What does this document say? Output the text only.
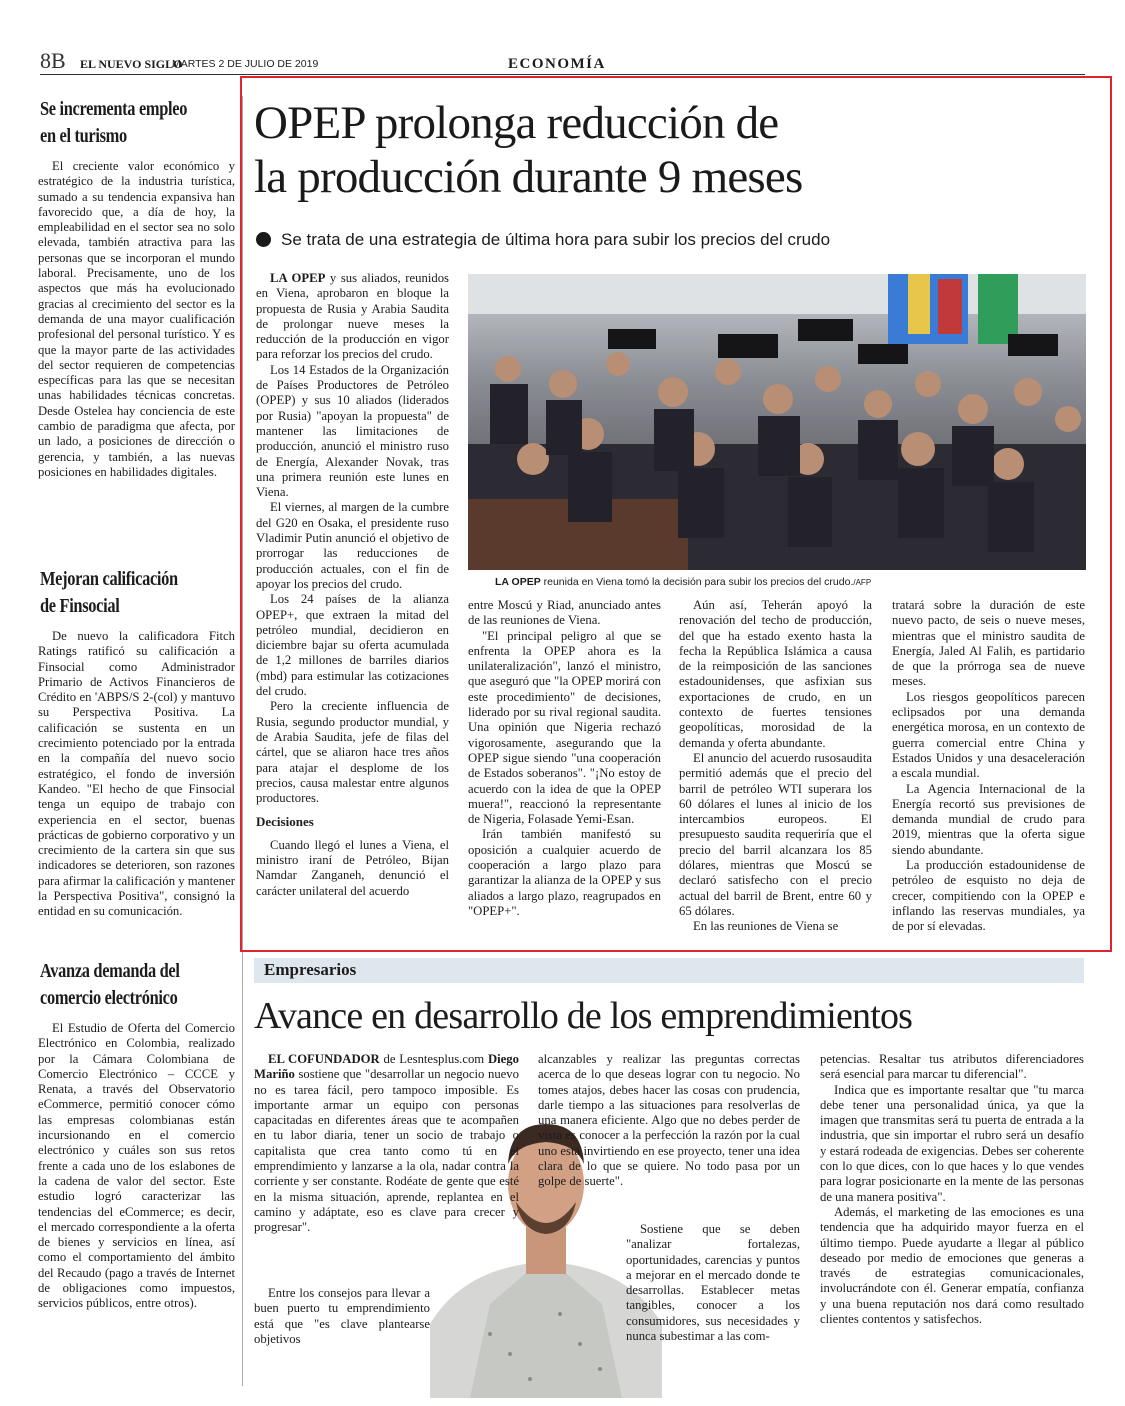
8B EL NUEVO SIGLO
MARTES 2 DE JULIO DE 2019	ECONOMÍA
Se incrementa empleo
en el turismo

El creciente valor económico y estratégico de la industria turística, sumado a su tendencia expansiva han favorecido que, a día de hoy, la empleabilidad en el sector sea no solo elevada, también atractiva para las personas que se incorporan el mundo laboral. Precisamente, uno de los aspectos que más ha evolucionado gracias al crecimiento del sector es la demanda de una mayor cualificación profesional del personal turístico. Y es que la mayor parte de las actividades del sector requieren de competencias específicas para las que se necesitan unas habilidades técnicas concretas. Desde Ostelea hay conciencia de este cambio de paradigma que afecta, por un lado, a posiciones de dirección o gerencia, y también, a las nuevas posiciones en habilidades digitales.

Mejoran calificación
de Finsocial

De nuevo la calificadora Fitch Ratings ratificó su calificación a Finsocial como Administrador Primario de Activos Financieros de Crédito en 'ABPS/S 2-(col) y mantuvo su Perspectiva Positiva. La calificación se sustenta en un crecimiento potenciado por la entrada en la compañía del nuevo socio estratégico, el fondo de inversión Kandeo. "El hecho de que Finsocial tenga un equipo de trabajo con experiencia en el sector, buenas prácticas de gobierno corporativo y un crecimiento de la cartera sin que sus indicadores se deterioren, son razones para afirmar la calificación y mantener la Perspectiva Positiva", consignó la entidad en su comunicación.

Avanza demanda del
comercio electrónico

El Estudio de Oferta del Comercio Electrónico en Colombia, realizado por la Cámara Colombiana de Comercio Electrónico – CCCE y Renata, a través del Observatorio eCommerce, permitió conocer cómo las empresas colombianas están incursionando en el comercio electrónico y cuáles son sus retos frente a cada uno de los eslabones de la cadena de valor del sector. Este estudio logró caracterizar las tendencias del eCommerce; es decir, el mercado correspondiente a la oferta de bienes y servicios en línea, así como el comportamiento del ámbito del Recaudo (pago a través de Internet de obligaciones como impuestos, servicios públicos, entre otros).

OPEP prolonga reducción de
la producción durante 9 meses
Se trata de una estrategia de última hora para subir los precios del crudo
LA OPEP reunida en Viena tomó la decisión para subir los precios del crudo./AFP

LA OPEP y sus aliados, reunidos en Viena, aprobaron en bloque la propuesta de Rusia y Arabia Saudita de prolongar nueve meses la reducción de la producción en vigor para reforzar los precios del crudo.

Los 14 Estados de la Organización de Países Productores de Petróleo (OPEP) y sus 10 aliados (liderados por Rusia) "apoyan la propuesta" de mantener las limitaciones de producción, anunció el ministro ruso de Energía, Alexander Novak, tras una primera reunión este lunes en Viena.

El viernes, al margen de la cumbre del G20 en Osaka, el presidente ruso Vladimir Putin anunció el objetivo de prorrogar las reducciones de producción actuales, con el fin de apoyar los precios del crudo.

Los 24 países de la alianza OPEP+, que extraen la mitad del petróleo mundial, decidieron en diciembre bajar su oferta acumulada de 1,2 millones de barriles diarios (mbd) para estimular las cotizaciones del crudo.

Pero la creciente influencia de Rusia, segundo productor mundial, y de Arabia Saudita, jefe de filas del cártel, que se aliaron hace tres años para atajar el desplome de los precios, causa malestar entre algunos productores.

Decisiones

Cuando llegó el lunes a Viena, el ministro iraní de Petróleo, Bijan Namdar Zanganeh, denunció el carácter unilateral del acuerdo

entre Moscú y Riad, anunciado antes de las reuniones de Viena.

"El principal peligro al que se enfrenta la OPEP ahora es la unilateralización", lanzó el ministro, que aseguró que "la OPEP morirá con este procedimiento" de decisiones, liderado por su rival regional saudita. Una opinión que Nigeria rechazó vigorosamente, asegurando que la OPEP sigue siendo "una cooperación de Estados soberanos". "¡No estoy de acuerdo con la idea de que la OPEP muera!", reaccionó la representante de Nigeria, Folasade Yemi-Esan.

Irán también manifestó su oposición a cualquier acuerdo de cooperación a largo plazo para garantizar la alianza de la OPEP y sus aliados a largo plazo, reagrupados en "OPEP+".

Aún así, Teherán apoyó la renovación del techo de producción, del que ha estado exento hasta la fecha la República Islámica a causa de la reimposición de las sanciones estadounidenses, que asfixian sus exportaciones de crudo, en un contexto de fuertes tensiones geopolíticas, morosidad de la demanda y oferta abundante.

El anuncio del acuerdo rusosaudita permitió además que el precio del barril de petróleo WTI superara los 60 dólares el lunes al inicio de los intercambios europeos. El presupuesto saudita requeriría que el precio del barril alcanzara los 85 dólares, mientras que Moscú se declaró satisfecho con el precio actual del barril de Brent, entre 60 y 65 dólares.

En las reuniones de Viena se

tratará sobre la duración de este nuevo pacto, de seis o nueve meses, mientras que el ministro saudita de Energía, Jaled Al Falih, es partidario de que la prórroga sea de nueve meses.

Los riesgos geopolíticos parecen eclipsados por una demanda energética morosa, en un contexto de guerra comercial entre China y Estados Unidos y una desaceleración a escala mundial.

La Agencia Internacional de la Energía recortó sus previsiones de demanda mundial de crudo para 2019, mientras que la oferta sigue siendo abundante.

La producción estadounidense de petróleo de esquisto no deja de crecer, compitiendo con la OPEP e inflando las reservas mundiales, ya de por sí elevadas.

Empresarios
Avance en desarrollo de los emprendimientos

EL COFUNDADOR de Lesntesplus.com Diego Mariño sostiene que "desarrollar un negocio nuevo no es tarea fácil, pero tampoco imposible. Es importante armar un equipo con personas capacitadas en diferentes áreas que te acompañen en tu labor diaria, tener un socio de trabajo o capitalista que crea tanto como tú en el emprendimiento y lanzarse a la ola, nadar contra la corriente y ser constante. Rodéate de gente que esté en la misma situación, aprende, replantea en el camino y adáptate, eso es clave para crecer y progresar".

Entre los consejos para llevar a buen puerto tu emprendimiento está que "es clave plantearse objetivos

alcanzables y realizar las preguntas correctas acerca de lo que deseas lograr con tu negocio. No tomes atajos, debes hacer las cosas con prudencia, darle tiempo a las situaciones para resolverlas de una manera eficiente. Algo que no debes perder de vista es conocer a la perfección la razón por la cual uno está invirtiendo en ese proyecto, tener una idea clara de lo que se quiere. No todo pasa por un golpe de suerte".

Sostiene que se deben "analizar fortalezas, oportunidades, carencias y puntos a mejorar en el mercado donde te desarrollas. Establecer metas tangibles, conocer a los consumidores, sus necesidades y nunca subestimar a las com-

petencias. Resaltar tus atributos diferenciadores será esencial para marcar tu diferencial".

Indica que es importante resaltar que "tu marca debe tener una personalidad única, ya que la imagen que transmitas será tu puerta de entrada a la industria, que sin importar el rubro será un desafío y estará rodeada de exigencias. Debes ser coherente con lo que dices, con lo que haces y lo que vendes para lograr posicionarte en la mente de las personas de una manera positiva".

Además, el marketing de las emociones es una tendencia que ha adquirido mayor fuerza en el último tiempo. Puede ayudarte a llegar al público deseado por medio de emociones que generas a través de estrategias comunicacionales, involucrándote con él. Generar empatía, confianza y una buena reputación nos dará como resultado clientes contentos y satisfechos.
